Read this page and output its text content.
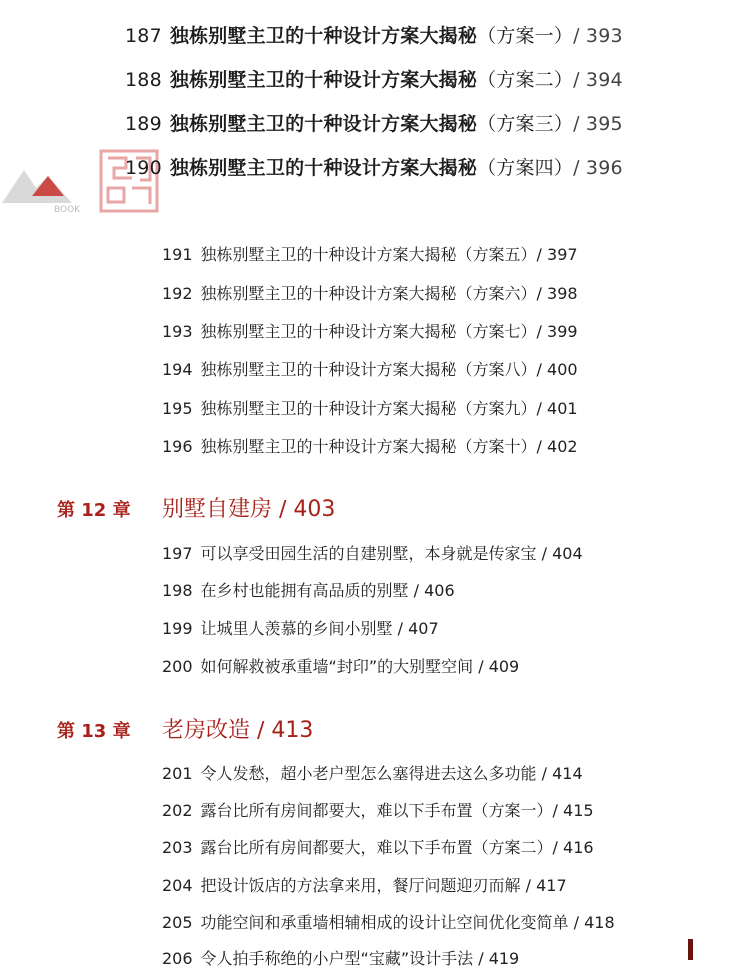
BOOK
187 独栋别墅主卫的十种设计方案大揭秘（方案一）∕ 393
188 独栋别墅主卫的十种设计方案大揭秘（方案二）∕ 394
189 独栋别墅主卫的十种设计方案大揭秘（方案三）∕ 395
190 独栋别墅主卫的十种设计方案大揭秘（方案四）∕ 396
191 独栋别墅主卫的十种设计方案大揭秘（方案五）∕ 397
192 独栋别墅主卫的十种设计方案大揭秘（方案六）∕ 398
193 独栋别墅主卫的十种设计方案大揭秘（方案七）∕ 399
194 独栋别墅主卫的十种设计方案大揭秘（方案八）∕ 400
195 独栋别墅主卫的十种设计方案大揭秘（方案九）∕ 401
196 独栋别墅主卫的十种设计方案大揭秘（方案十）∕ 402
第 12 章 别墅自建房 ∕ 403
197 可以享受田园生活的自建别墅，本身就是传家宝 ∕ 404
198 在乡村也能拥有高品质的别墅 ∕ 406
199 让城里人羡慕的乡间小别墅 ∕ 407
200 如何解救被承重墙“封印”的大别墅空间 ∕ 409
第 13 章 老房改造 ∕ 413
201 令人发愁，超小老户型怎么塞得进去这么多功能 ∕ 414
202 露台比所有房间都要大，难以下手布置（方案一）∕ 415
203 露台比所有房间都要大，难以下手布置（方案二）∕ 416
204 把设计饭店的方法拿来用，餐厅问题迎刃而解 ∕ 417
205 功能空间和承重墙相辅相成的设计让空间优化变简单 ∕ 418
206 令人拍手称绝的小户型“宝藏”设计手法 ∕ 419
